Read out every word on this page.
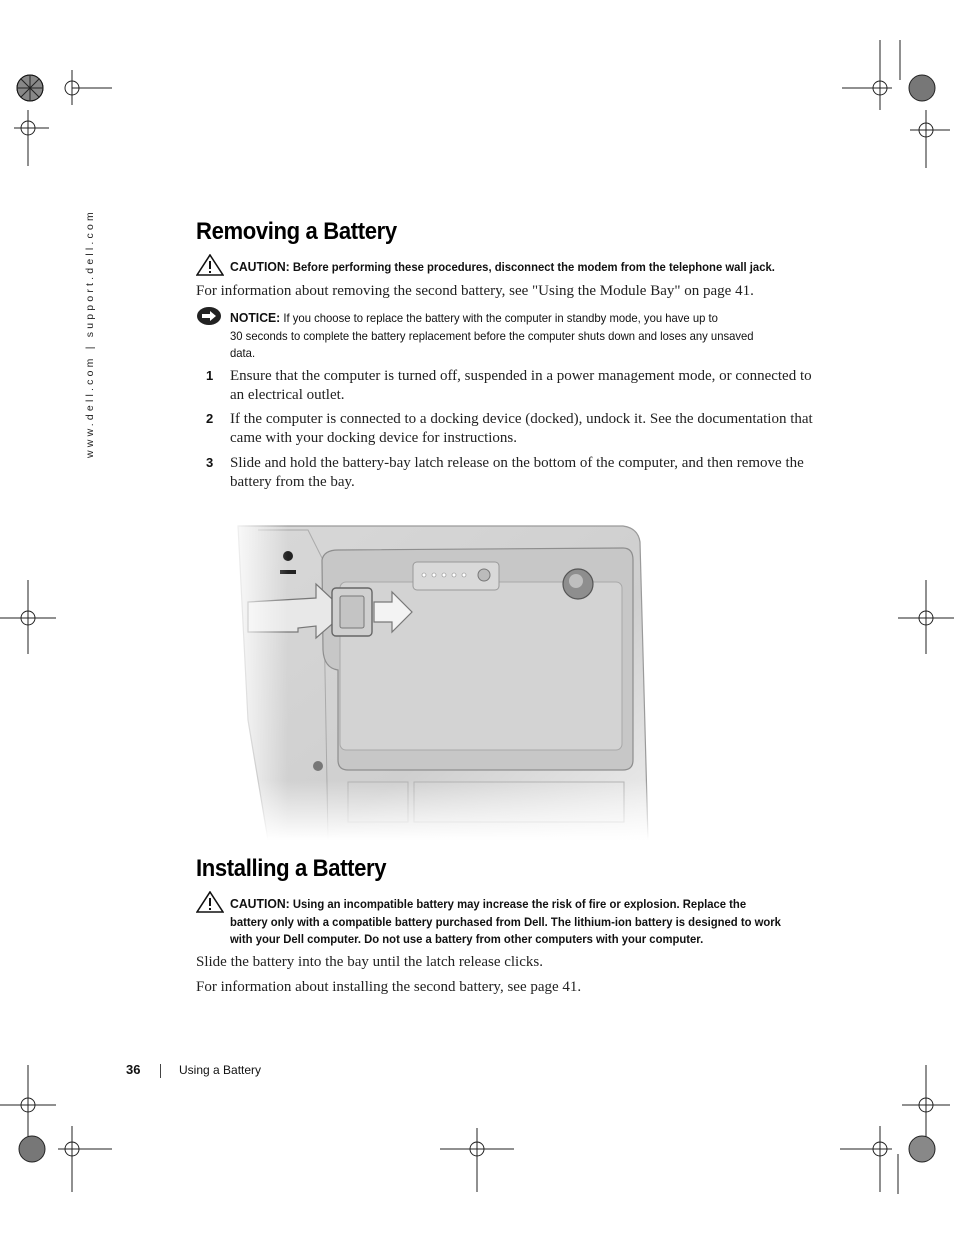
www.dell.com | support.dell.com	Removing a Battery
CAUTION: Before performing these procedures, disconnect the modem from the telephone wall jack.
For information about removing the second battery, see "Using the Module Bay" on page 41.
NOTICE: If you choose to replace the battery with the computer in standby mode, you have up to
30 seconds to complete the battery replacement before the computer shuts down and loses any unsaved
data.
1 Ensure that the computer is turned off, suspended in a power management mode, or connected to an electrical outlet.
2 If the computer is connected to a docking device (docked), undock it. See the documentation that came with your docking device for instructions.
3 Slide and hold the battery-bay latch release on the bottom of the computer, and then remove the battery from the bay.
Installing a Battery
CAUTION: Using an incompatible battery may increase the risk of fire or explosion. Replace the
battery only with a compatible battery purchased from Dell. The lithium-ion battery is designed to work
with your Dell computer. Do not use a battery from other computers with your computer.
Slide the battery into the bay until the latch release clicks.
For information about installing the second battery, see page 41.
36	Using a Battery
